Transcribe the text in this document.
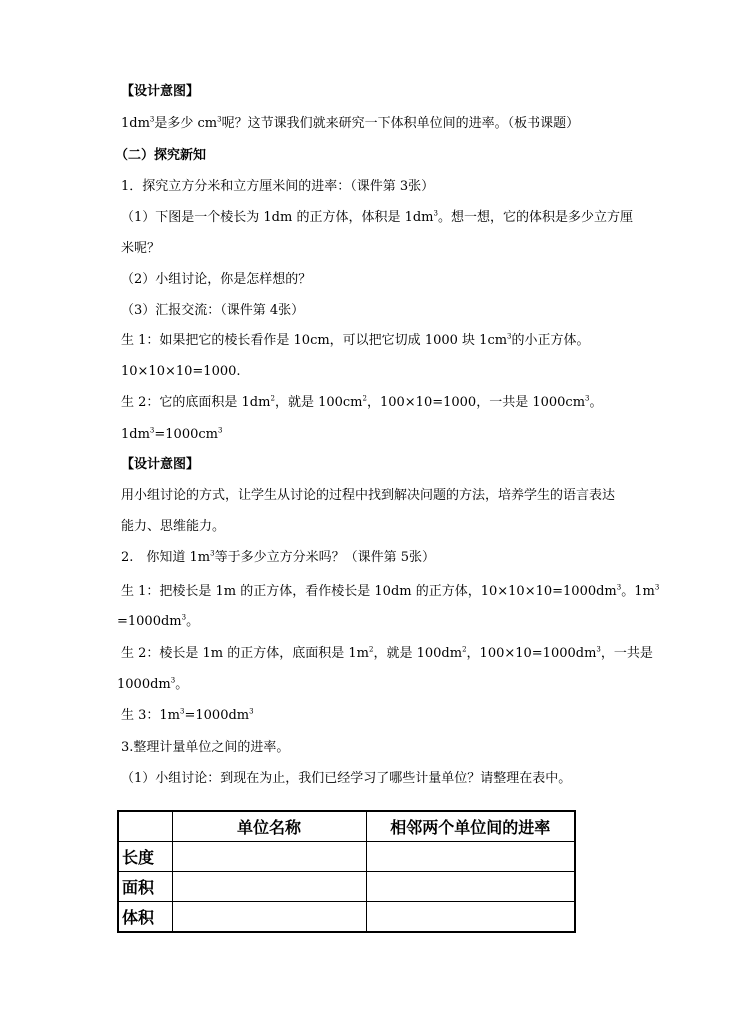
【设计意图】
$1dm^3$是多少 $cm^3$呢？这节课我们就来研究一下体积单位间的进率。（板书课题）
（二）探究新知
1．探究立方分米和立方厘米间的进率：（课件第 3张）
（1）下图是一个棱长为 1dm 的正方体，体积是 $1dm^3$。想一想，它的体积是多少立方厘
米呢？
（2）小组讨论，你是怎样想的？
（3）汇报交流：（课件第 4张）
生 1：如果把它的棱长看作是 10cm，可以把它切成 1000 块 $1cm^3$的小正方体。
10×10×10=1000.
生 2：它的底面积是 $1dm^2$，就是 $100cm^2$，100×10=1000，一共是 $1000cm^3$。
$1dm^3=1000cm^3$
【设计意图】
用小组讨论的方式，让学生从讨论的过程中找到解决问题的方法，培养学生的语言表达
能力、思维能力。
2.　你知道 $1m^3$等于多少立方分米吗？（课件第 5张）
生 1：把棱长是 1m 的正方体，看作棱长是 10dm 的正方体，$10\times 10\times 10=1000dm^3$。$1m^3$
$=1000dm^3$。
生 2：棱长是 1m 的正方体，底面积是 $1m^2$，就是 $100dm^2$，$100\times 10=1000dm^3$，一共是
$1000dm^3$。
生 3：$1m^3=1000dm^3$
3.整理计量单位之间的进率。
（1）小组讨论：到现在为止，我们已经学习了哪些计量单位？请整理在表中。
	单位名称	相邻两个单位间的进率
长度		
面积		
体积		
